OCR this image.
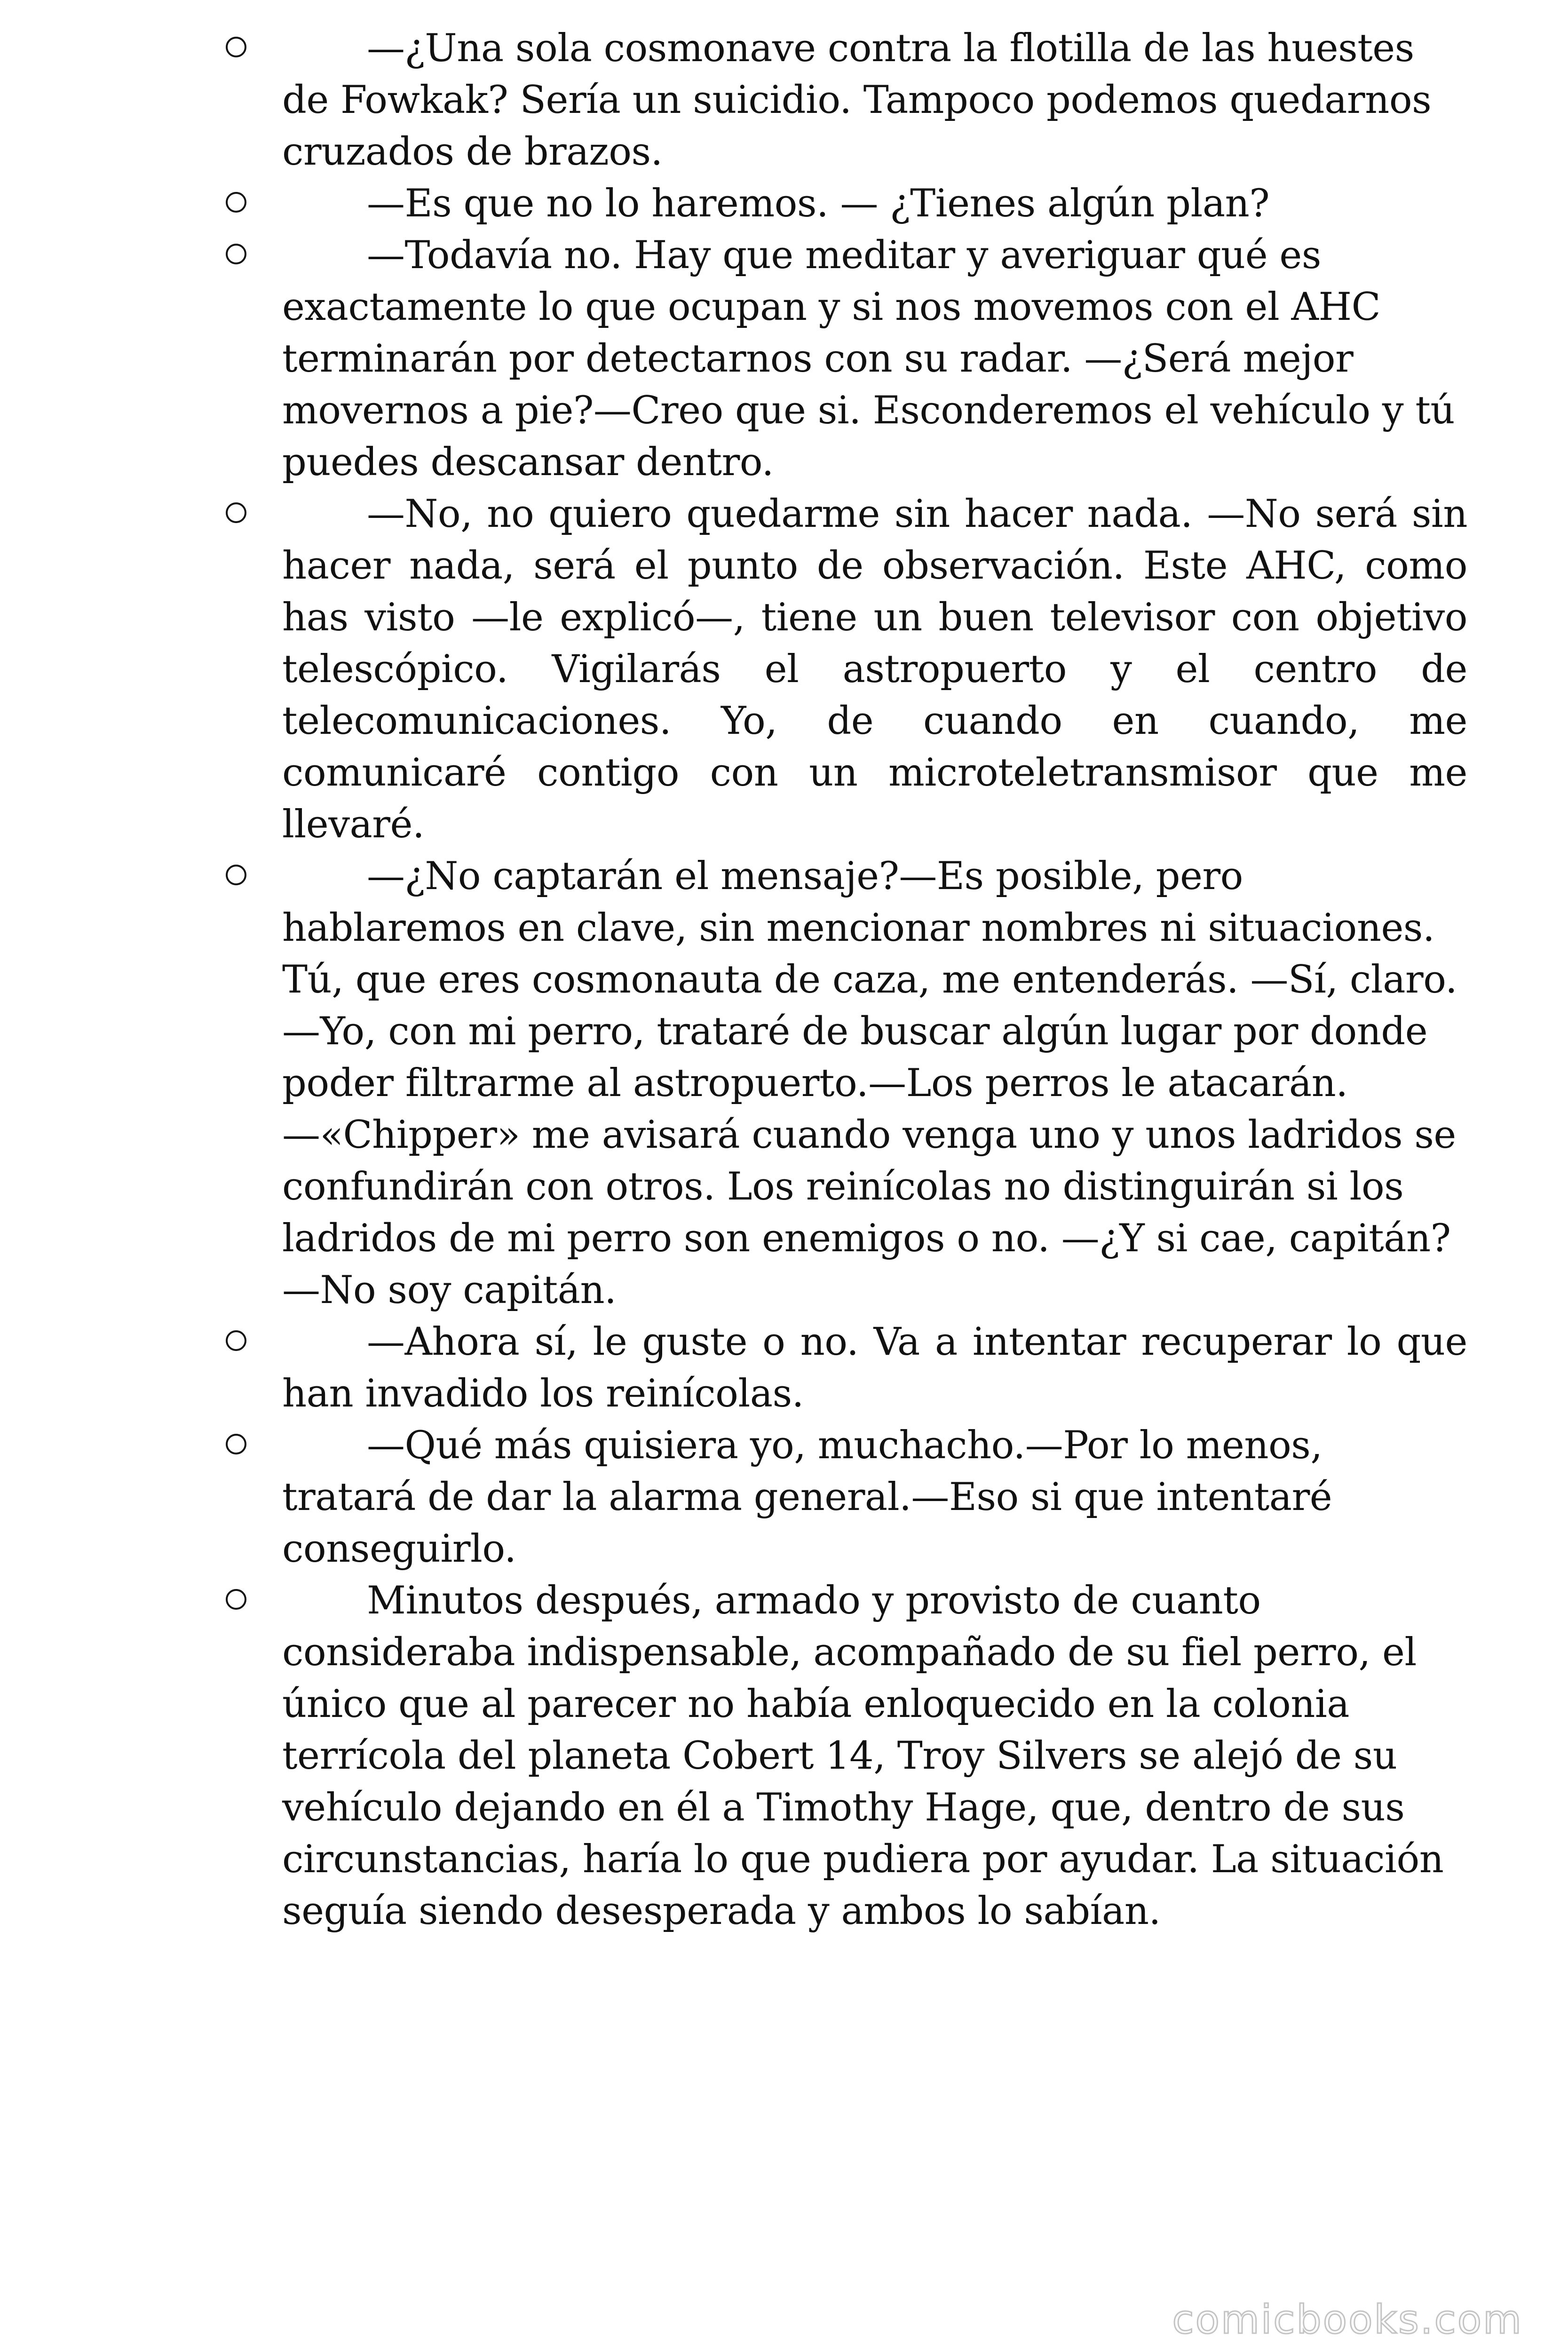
—¿Una sola cosmonave contra la flotilla de las huestes de Fowkak? Sería un suicidio. Tampoco podemos quedarnos cruzados de brazos.
—Es que no lo haremos. — ¿Tienes algún plan?
—Todavía no. Hay que meditar y averiguar qué es exactamente lo que ocupan y si nos movemos con el AHC terminarán por detectarnos con su radar. —¿Será mejor movernos a pie?—Creo que si. Esconderemos el vehículo y tú puedes descansar dentro.
—No, no quiero quedarme sin hacer nada. —No será sin hacer nada, será el punto de observación. Este AHC, como has visto —le explicó—, tiene un buen televisor con objetivo telescópico. Vigilarás el astropuerto y el centro de telecomunicaciones. Yo, de cuando en cuando, me comunicaré contigo con un microteletransmisor que me llevaré.
—¿No captarán el mensaje?—Es posible, pero hablaremos en clave, sin mencionar nombres ni situaciones. Tú, que eres cosmonauta de caza, me entenderás. —Sí, claro.—Yo, con mi perro, trataré de buscar algún lugar por donde poder filtrarme al astropuerto.—Los perros le atacarán.—«Chipper» me avisará cuando venga uno y unos ladridos se confundirán con otros. Los reinícolas no distinguirán si los ladridos de mi perro son enemigos o no. —¿Y si cae, capitán? —No soy capitán.
—Ahora sí, le guste o no. Va a intentar recuperar lo que han invadido los reinícolas.
—Qué más quisiera yo, muchacho.—Por lo menos, tratará de dar la alarma general.—Eso si que intentaré conseguirlo.
Minutos después, armado y provisto de cuanto consideraba indispensable, acompañado de su fiel perro, el único que al parecer no había enloquecido en la colonia terrícola del planeta Cobert 14, Troy Silvers se alejó de su vehículo dejando en él a Timothy Hage, que, dentro de sus circunstancias, haría lo que pudiera por ayudar. La situación seguía siendo desesperada y ambos lo sabían.
comicbooks.com
